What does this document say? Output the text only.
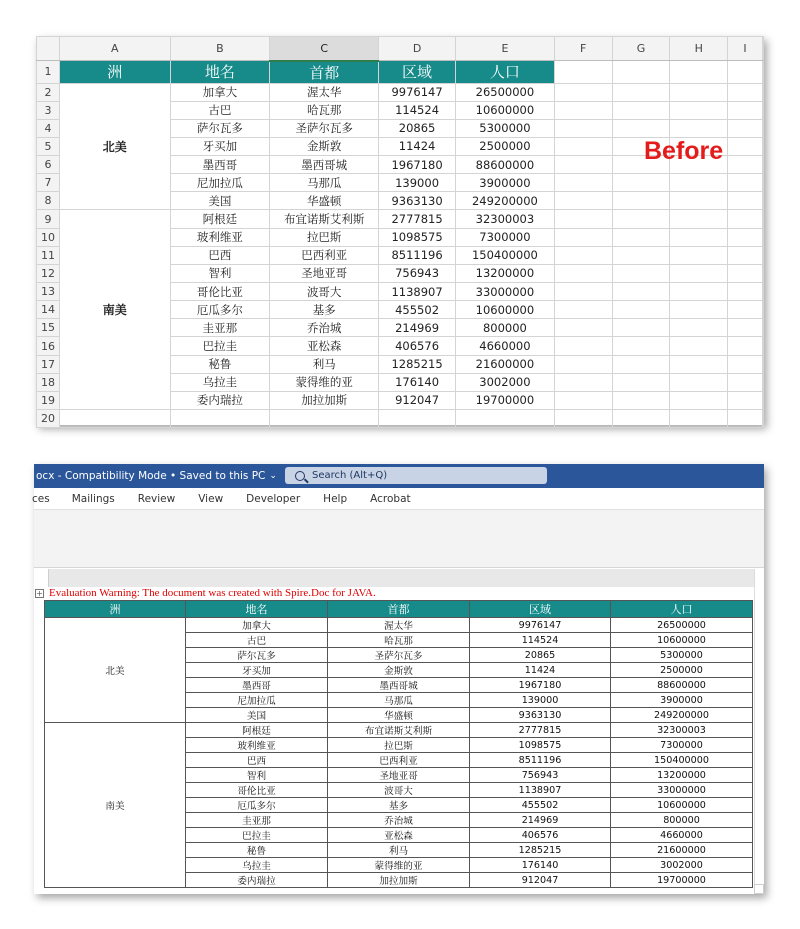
	A	B	C	D	E	F	G	H	I	
1	洲	地名	首都	区域	人口					
2	北美	加拿大	渥太华	9976147	26500000					
3		古巴	哈瓦那	114524	10600000					
4		萨尔瓦多	圣萨尔瓦多	20865	5300000					
5		牙买加	金斯敦	11424	2500000					
6		墨西哥	墨西哥城	1967180	88600000					
7		尼加拉瓜	马那瓜	139000	3900000					
8		美国	华盛顿	9363130	249200000					
9	南美	阿根廷	布宜诺斯艾利斯	2777815	32300003					
10		玻利维亚	拉巴斯	1098575	7300000					
11		巴西	巴西利亚	8511196	150400000					
12		智利	圣地亚哥	756943	13200000					
13		哥伦比亚	波哥大	1138907	33000000					
14		厄瓜多尔	基多	455502	10600000					
15		圭亚那	乔治城	214969	800000					
16		巴拉圭	亚松森	406576	4660000					
17		秘鲁	利马	1285215	21600000					
18		乌拉圭	蒙得维的亚	176140	3002000					
19		委内瑞拉	加拉加斯	912047	19700000					
20										
Before
ocx - Compatibility Mode • Saved to this PC ⌄	Search (Alt+Q)
ces Mailings Review View Developer Help Acrobat
+ Evaluation Warning: The document was created with Spire.Doc for JAVA.
洲	地名	首都	区域	人口
北美	加拿大	渥太华	9976147	26500000
	古巴	哈瓦那	114524	10600000
	萨尔瓦多	圣萨尔瓦多	20865	5300000
	牙买加	金斯敦	11424	2500000
	墨西哥	墨西哥城	1967180	88600000
	尼加拉瓜	马那瓜	139000	3900000
	美国	华盛顿	9363130	249200000
南美	阿根廷	布宜诺斯艾利斯	2777815	32300003
	玻利维亚	拉巴斯	1098575	7300000
	巴西	巴西利亚	8511196	150400000
	智利	圣地亚哥	756943	13200000
	哥伦比亚	波哥大	1138907	33000000
	厄瓜多尔	基多	455502	10600000
	圭亚那	乔治城	214969	800000
	巴拉圭	亚松森	406576	4660000
	秘鲁	利马	1285215	21600000
	乌拉圭	蒙得维的亚	176140	3002000
	委内瑞拉	加拉加斯	912047	19700000
